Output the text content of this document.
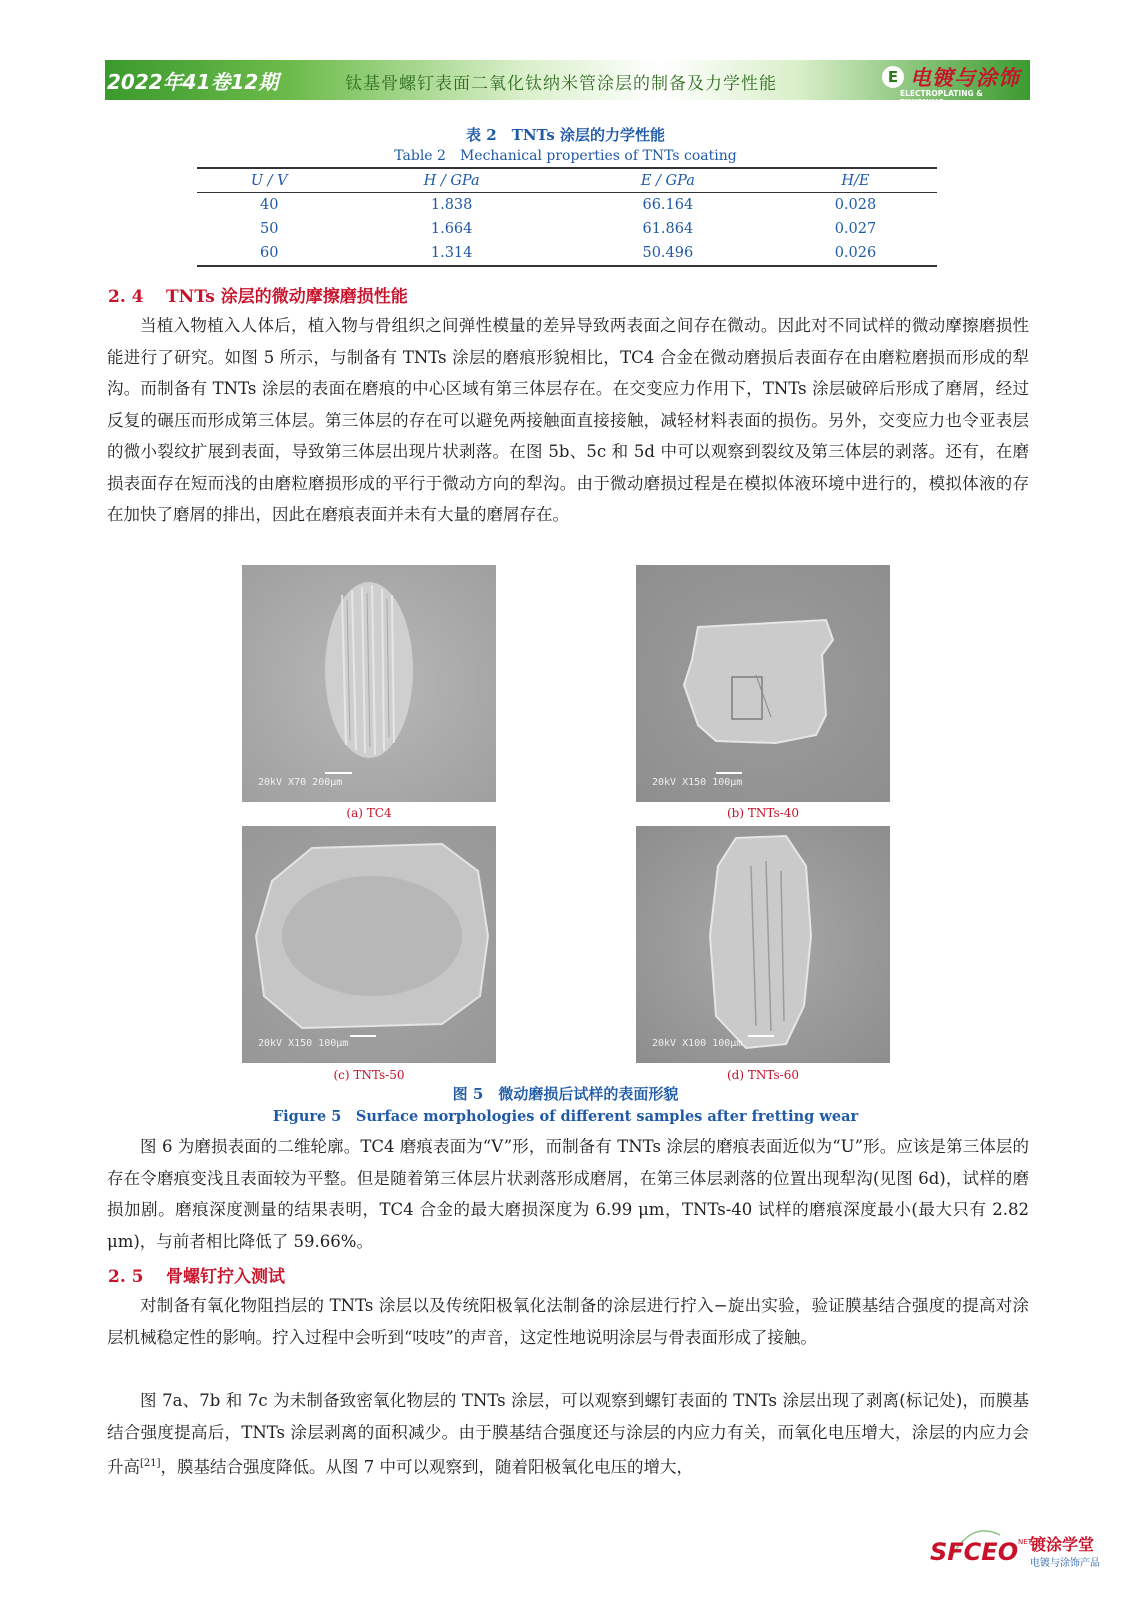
2022年41卷12期	钛基骨螺钉表面二氧化钛纳米管涂层的制备及力学性能	E 电镀与涂饰
ELECTROPLATING & FINISHING
表 2　TNTs 涂层的力学性能
Table 2　Mechanical properties of TNTs coating
U / V	H / GPa	E / GPa	H/E
40	1.838	66.164	0.028
50	1.664	61.864	0.027
60	1.314	50.496	0.026
2. 4 TNTs 涂层的微动摩擦磨损性能

当植入物植入人体后，植入物与骨组织之间弹性模量的差异导致两表面之间存在微动。因此对不同试样的微动摩擦磨损性能进行了研究。如图 5 所示，与制备有 TNTs 涂层的磨痕形貌相比，TC4 合金在微动磨损后表面存在由磨粒磨损而形成的犁沟。而制备有 TNTs 涂层的表面在磨痕的中心区域有第三体层存在。在交变应力作用下，TNTs 涂层破碎后形成了磨屑，经过反复的碾压而形成第三体层。第三体层的存在可以避免两接触面直接接触，减轻材料表面的损伤。另外，交变应力也令亚表层的微小裂纹扩展到表面，导致第三体层出现片状剥落。在图 5b、5c 和 5d 中可以观察到裂纹及第三体层的剥落。还有，在磨损表面存在短而浅的由磨粒磨损形成的平行于微动方向的犁沟。由于微动磨损过程是在模拟体液环境中进行的，模拟体液的存在加快了磨屑的排出，因此在磨痕表面并未有大量的磨屑存在。

20kV X70 200μm
(a) TC4
20kV X150 100μm
(b) TNTs-40
20kV X150 100μm
(c) TNTs-50
20kV X100 100μm
(d) TNTs-60
图 5　微动磨损后试样的表面形貌
Figure 5　Surface morphologies of different samples after fretting wear

图 6 为磨损表面的二维轮廓。TC4 磨痕表面为“V”形，而制备有 TNTs 涂层的磨痕表面近似为“U”形。应该是第三体层的存在令磨痕变浅且表面较为平整。但是随着第三体层片状剥落形成磨屑，在第三体层剥落的位置出现犁沟(见图 6d)，试样的磨损加剧。磨痕深度测量的结果表明，TC4 合金的最大磨损深度为 6.99 μm，TNTs-40 试样的磨痕深度最小(最大只有 2.82 μm)，与前者相比降低了 59.66%。

2. 5 骨螺钉拧入测试

对制备有氧化物阻挡层的 TNTs 涂层以及传统阳极氧化法制备的涂层进行拧入−旋出实验，验证膜基结合强度的提高对涂层机械稳定性的影响。拧入过程中会听到“吱吱”的声音，这定性地说明涂层与骨表面形成了接触。

图 7a、7b 和 7c 为未制备致密氧化物层的 TNTs 涂层，可以观察到螺钉表面的 TNTs 涂层出现了剥离(标记处)，而膜基结合强度提高后，TNTs 涂层剥离的面积减少。由于膜基结合强度还与涂层的内应力有关，而氧化电压增大，涂层的内应力会升高[21]，膜基结合强度降低。从图 7 中可以观察到，随着阳极氧化电压的增大，

SFCEO NET
镀涂学堂
电镀与涂饰产品
